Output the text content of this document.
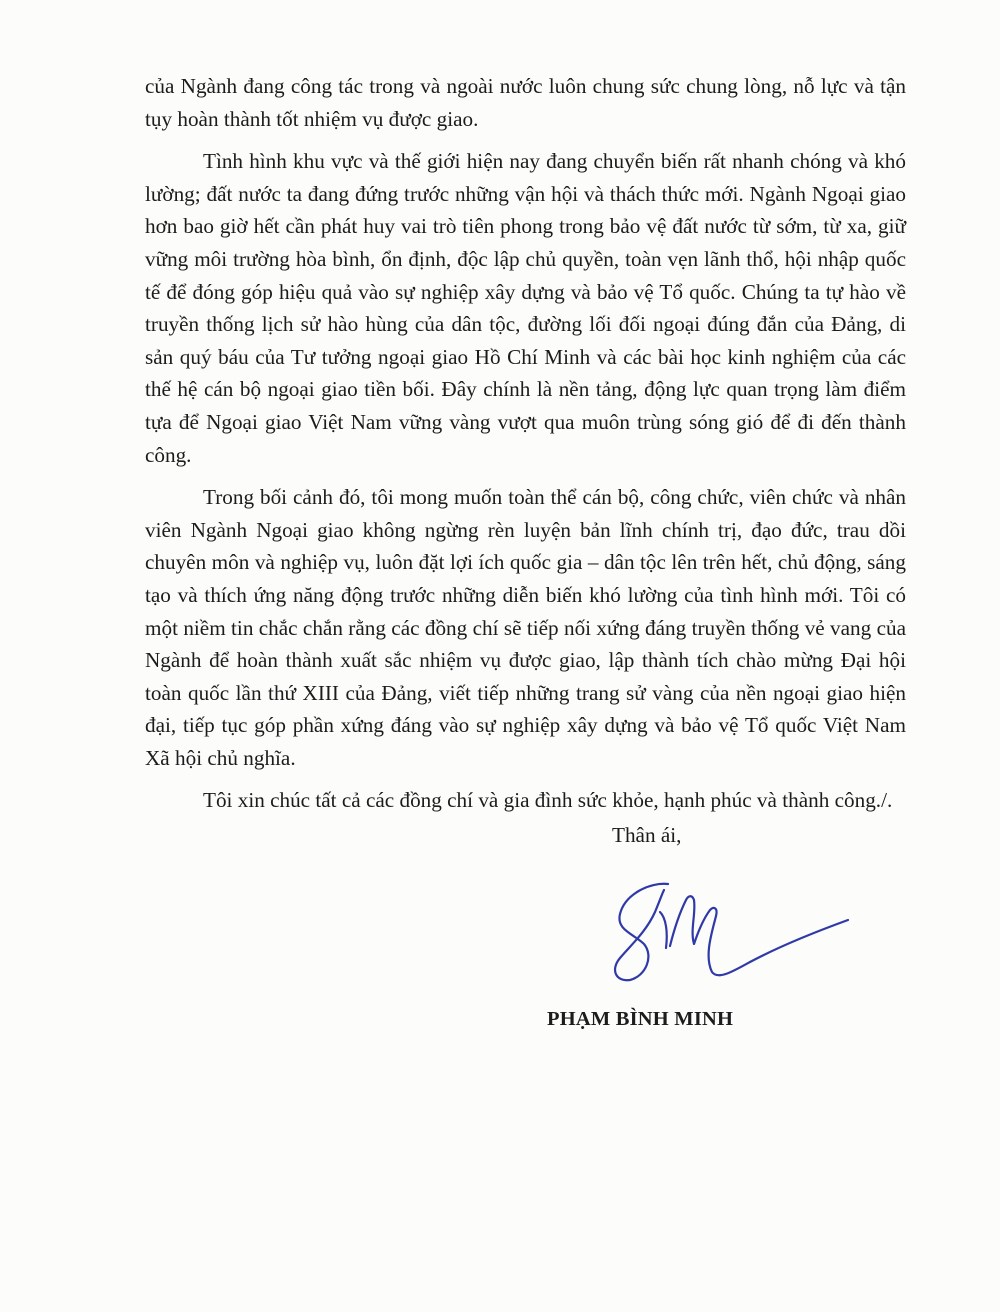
của Ngành đang công tác trong và ngoài nước luôn chung sức chung lòng, nỗ lực và tận tụy hoàn thành tốt nhiệm vụ được giao.

Tình hình khu vực và thế giới hiện nay đang chuyển biến rất nhanh chóng và khó lường; đất nước ta đang đứng trước những vận hội và thách thức mới. Ngành Ngoại giao hơn bao giờ hết cần phát huy vai trò tiên phong trong bảo vệ đất nước từ sớm, từ xa, giữ vững môi trường hòa bình, ổn định, độc lập chủ quyền, toàn vẹn lãnh thổ, hội nhập quốc tế để đóng góp hiệu quả vào sự nghiệp xây dựng và bảo vệ Tổ quốc. Chúng ta tự hào về truyền thống lịch sử hào hùng của dân tộc, đường lối đối ngoại đúng đắn của Đảng, di sản quý báu của Tư tưởng ngoại giao Hồ Chí Minh và các bài học kinh nghiệm của các thế hệ cán bộ ngoại giao tiền bối. Đây chính là nền tảng, động lực quan trọng làm điểm tựa để Ngoại giao Việt Nam vững vàng vượt qua muôn trùng sóng gió để đi đến thành công.

Trong bối cảnh đó, tôi mong muốn toàn thể cán bộ, công chức, viên chức và nhân viên Ngành Ngoại giao không ngừng rèn luyện bản lĩnh chính trị, đạo đức, trau dồi chuyên môn và nghiệp vụ, luôn đặt lợi ích quốc gia – dân tộc lên trên hết, chủ động, sáng tạo và thích ứng năng động trước những diễn biến khó lường của tình hình mới. Tôi có một niềm tin chắc chắn rằng các đồng chí sẽ tiếp nối xứng đáng truyền thống vẻ vang của Ngành để hoàn thành xuất sắc nhiệm vụ được giao, lập thành tích chào mừng Đại hội toàn quốc lần thứ XIII của Đảng, viết tiếp những trang sử vàng của nền ngoại giao hiện đại, tiếp tục góp phần xứng đáng vào sự nghiệp xây dựng và bảo vệ Tổ quốc Việt Nam Xã hội chủ nghĩa.

Tôi xin chúc tất cả các đồng chí và gia đình sức khỏe, hạnh phúc và thành công./.

Thân ái,
PHẠM BÌNH MINH
